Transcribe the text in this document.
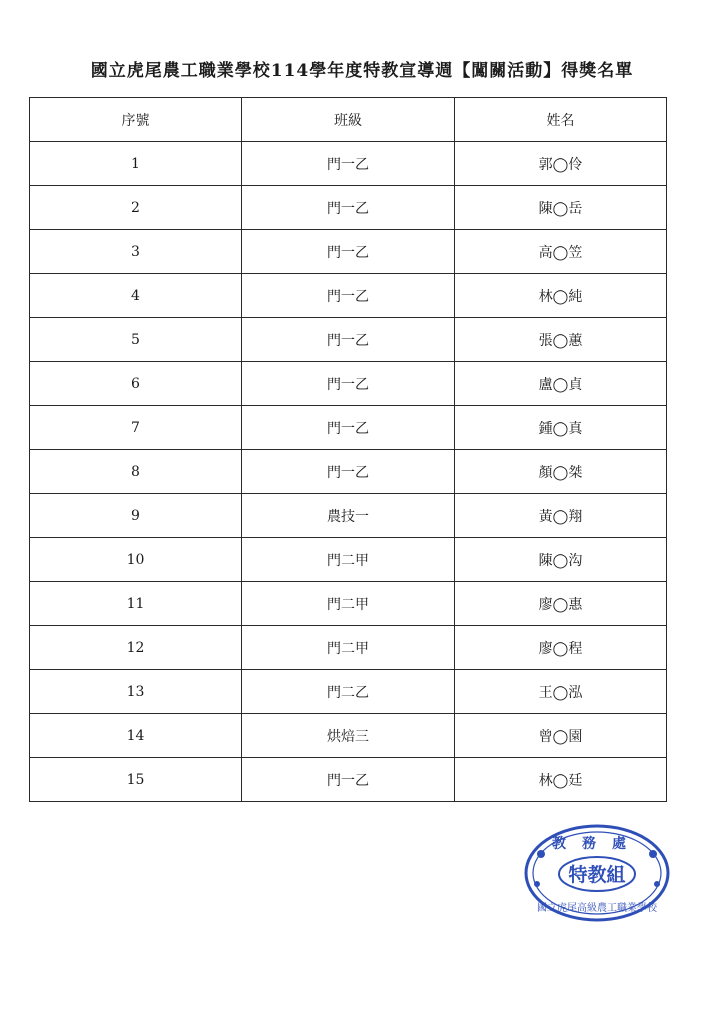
國立虎尾農工職業學校114學年度特教宣導週【闖關活動】得獎名單
序號	班級	姓名
1	門一乙	郭◯伶
2	門一乙	陳◯岳
3	門一乙	高◯笠
4	門一乙	林◯純
5	門一乙	張◯蕙
6	門一乙	盧◯貞
7	門一乙	鍾◯真
8	門一乙	顏◯桀
9	農技一	黃◯翔
10	門二甲	陳◯沟
11	門二甲	廖◯惠
12	門二甲	廖◯程
13	門二乙	王◯泓
14	烘焙三	曾◯園
15	門一乙	林◯廷
教務處
特教組
國立虎尾高級農工職業學校
